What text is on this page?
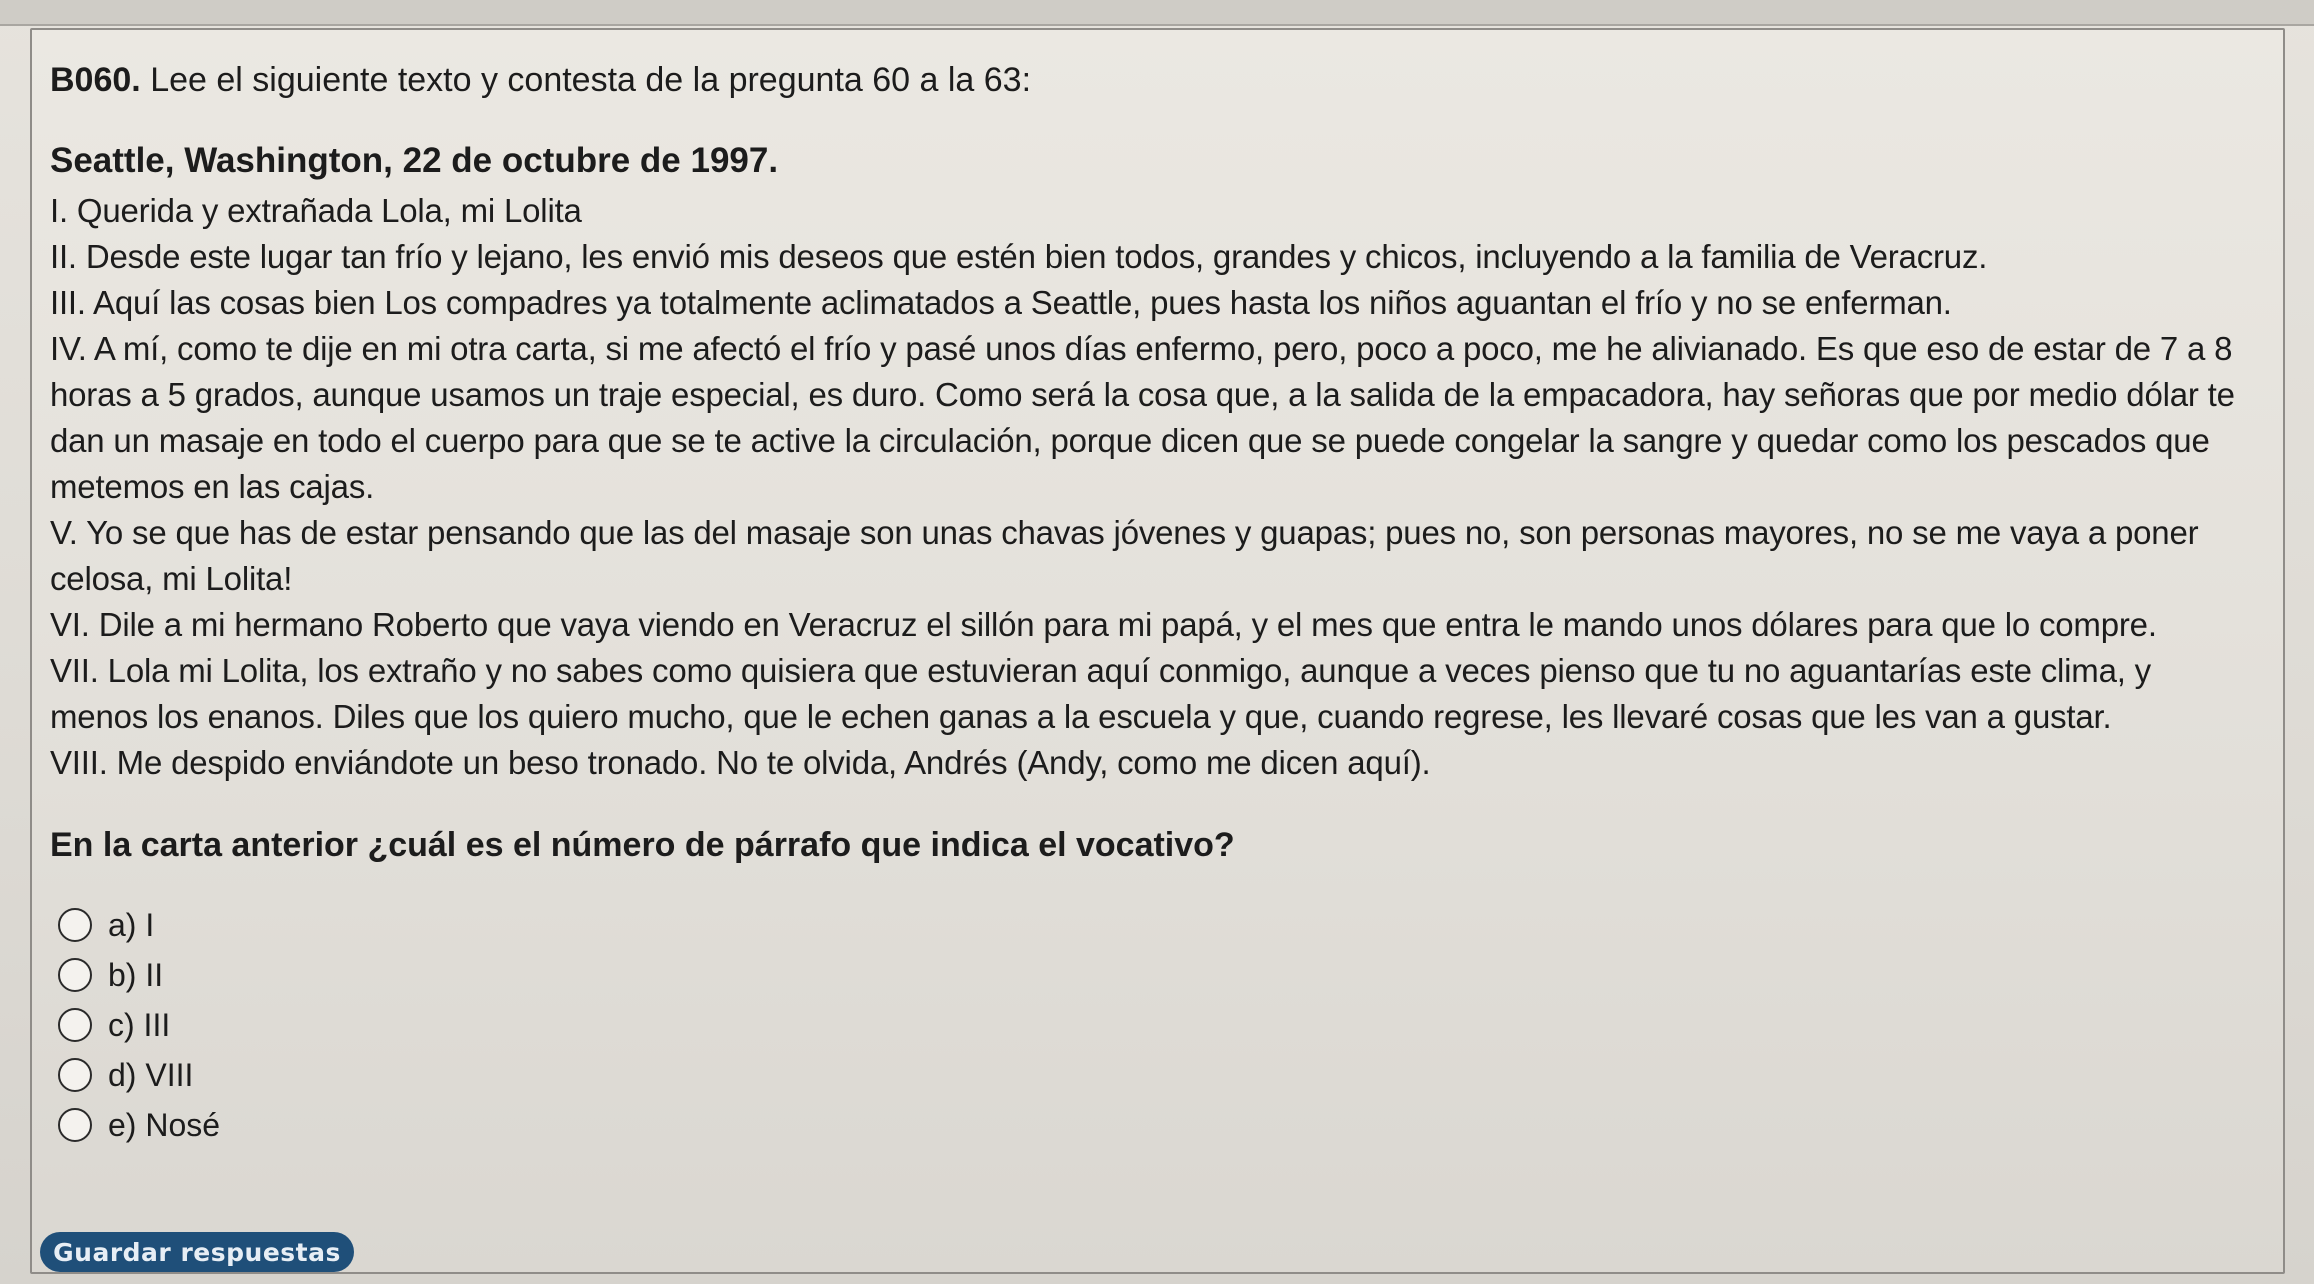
B060. Lee el siguiente texto y contesta de la pregunta 60 a la 63:
Seattle, Washington, 22 de octubre de 1997.

I. Querida y extrañada Lola, mi Lolita

II. Desde este lugar tan frío y lejano, les envió mis deseos que estén bien todos, grandes y chicos, incluyendo a la familia de Veracruz.

III. Aquí las cosas bien Los compadres ya totalmente aclimatados a Seattle, pues hasta los niños aguantan el frío y no se enferman.

IV. A mí, como te dije en mi otra carta, si me afectó el frío y pasé unos días enfermo, pero, poco a poco, me he alivianado. Es que eso de estar de 7 a 8 horas a 5 grados, aunque usamos un traje especial, es duro. Como será la cosa que, a la salida de la empacadora, hay señoras que por medio dólar te dan un masaje en todo el cuerpo para que se te active la circulación, porque dicen que se puede congelar la sangre y quedar como los pescados que metemos en las cajas.

V. Yo se que has de estar pensando que las del masaje son unas chavas jóvenes y guapas; pues no, son personas mayores, no se me vaya a poner celosa, mi Lolita!

VI. Dile a mi hermano Roberto que vaya viendo en Veracruz el sillón para mi papá, y el mes que entra le mando unos dólares para que lo compre.

VII. Lola mi Lolita, los extraño y no sabes como quisiera que estuvieran aquí conmigo, aunque a veces pienso que tu no aguantarías este clima, y menos los enanos. Diles que los quiero mucho, que le echen ganas a la escuela y que, cuando regrese, les llevaré cosas que les van a gustar.

VIII. Me despido enviándote un beso tronado. No te olvida, Andrés (Andy, como me dicen aquí).

En la carta anterior ¿cuál es el número de párrafo que indica el vocativo?
a) I
b) II
c) III
d) VIII
e) Nosé
Guardar respuestas
